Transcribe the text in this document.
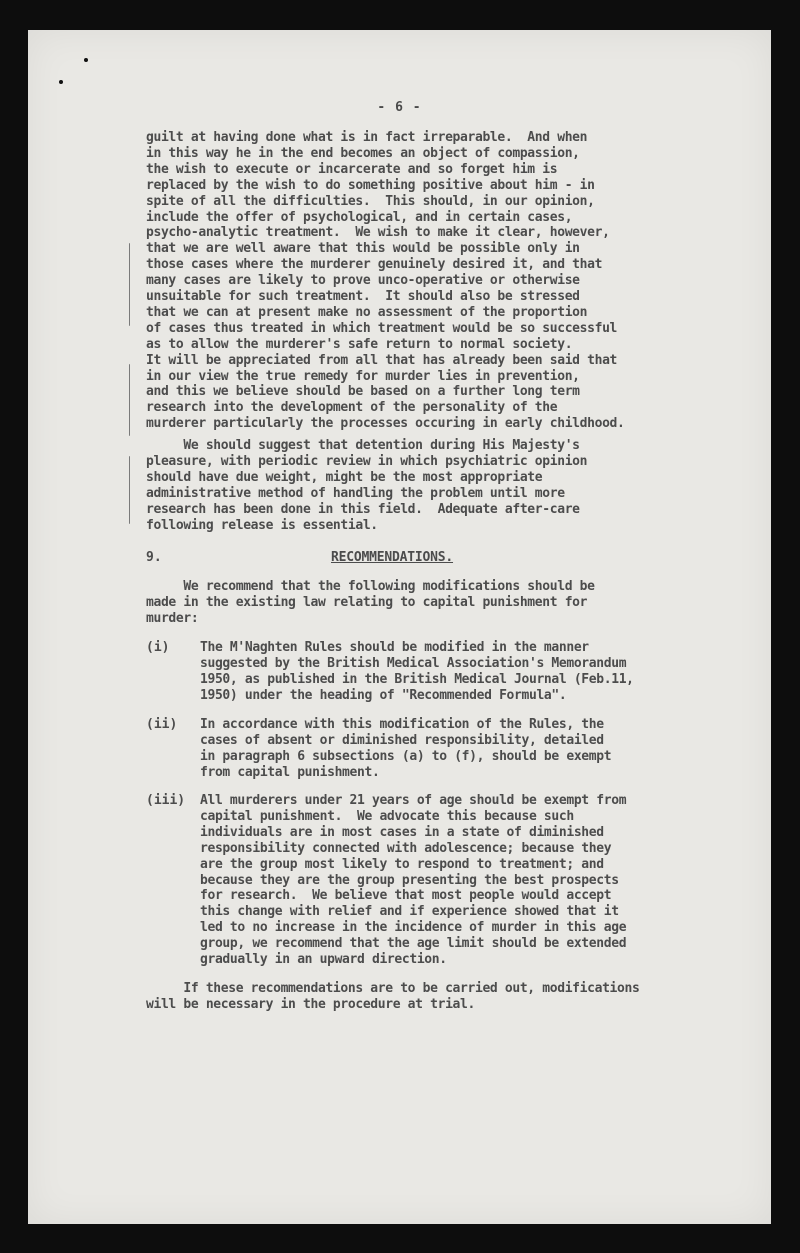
- 6 -
guilt at having done what is in fact irreparable.  And when
in this way he in the end becomes an object of compassion,
the wish to execute or incarcerate and so forget him is
replaced by the wish to do something positive about him - in
spite of all the difficulties.  This should, in our opinion,
include the offer of psychological, and in certain cases,
psycho-analytic treatment.  We wish to make it clear, however,
that we are well aware that this would be possible only in
those cases where the murderer genuinely desired it, and that
many cases are likely to prove unco-operative or otherwise
unsuitable for such treatment.  It should also be stressed
that we can at present make no assessment of the proportion
of cases thus treated in which treatment would be so successful
as to allow the murderer's safe return to normal society.
It will be appreciated from all that has already been said that
in our view the true remedy for murder lies in prevention,
and this we believe should be based on a further long term
research into the development of the personality of the
murderer particularly the processes occuring in early childhood.
We should suggest that detention during His Majesty's
pleasure, with periodic review in which psychiatric opinion
should have due weight, might be the most appropriate
administrative method of handling the problem until more
research has been done in this field.  Adequate after-care
following release is essential.
9.	RECOMMENDATIONS.
We recommend that the following modifications should be
made in the existing law relating to capital punishment for
murder:
(i) The M'Naghten Rules should be modified in the manner
suggested by the British Medical Association's Memorandum
1950, as published in the British Medical Journal (Feb.11,
1950) under the heading of "Recommended Formula".
(ii) In accordance with this modification of the Rules, the
cases of absent or diminished responsibility, detailed
in paragraph 6 subsections (a) to (f), should be exempt
from capital punishment.
(iii) All murderers under 21 years of age should be exempt from
capital punishment.  We advocate this because such
individuals are in most cases in a state of diminished
responsibility connected with adolescence; because they
are the group most likely to respond to treatment; and
because they are the group presenting the best prospects
for research.  We believe that most people would accept
this change with relief and if experience showed that it
led to no increase in the incidence of murder in this age
group, we recommend that the age limit should be extended
gradually in an upward direction.
If these recommendations are to be carried out, modifications
will be necessary in the procedure at trial.
